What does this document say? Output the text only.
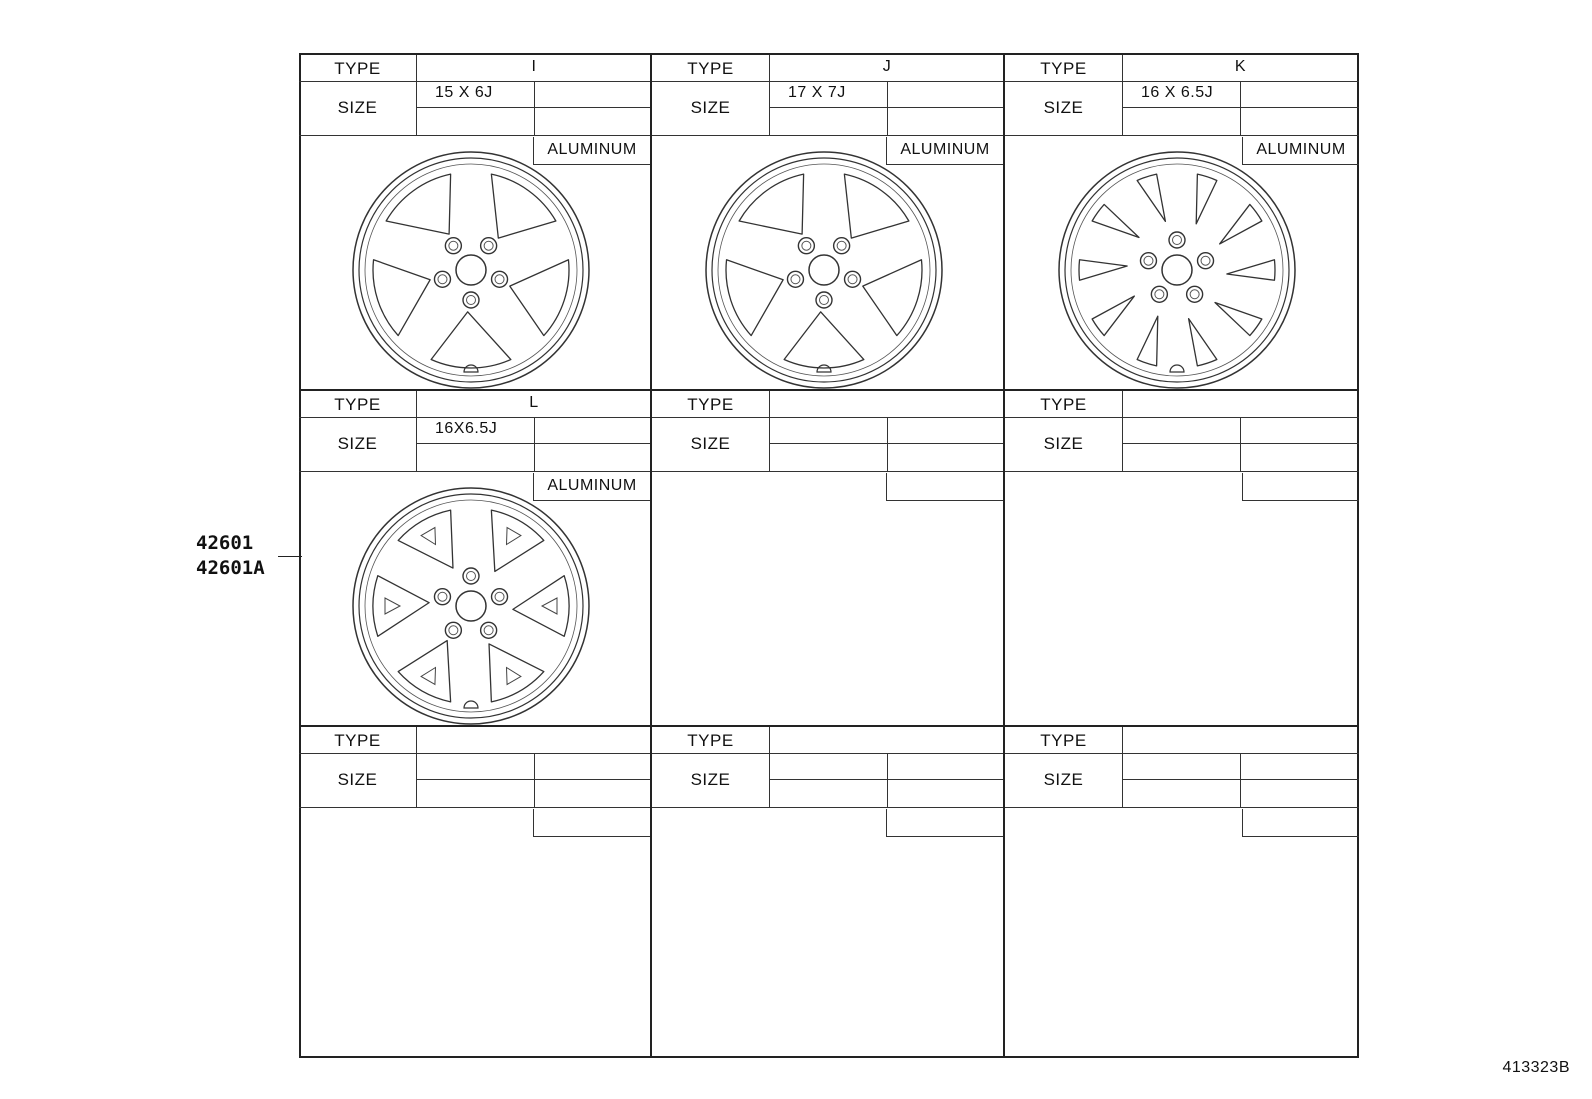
TYPE
SIZE
I
15 X 6J
ALUMINUM
TYPE
SIZE
J
17 X 7J
ALUMINUM
TYPE
SIZE
K
16 X 6.5J
ALUMINUM
TYPE
SIZE
L
16X6.5J
ALUMINUM
TYPE
SIZE
TYPE
SIZE
TYPE
SIZE
TYPE
SIZE
TYPE
SIZE
42601
42601A
413323B
